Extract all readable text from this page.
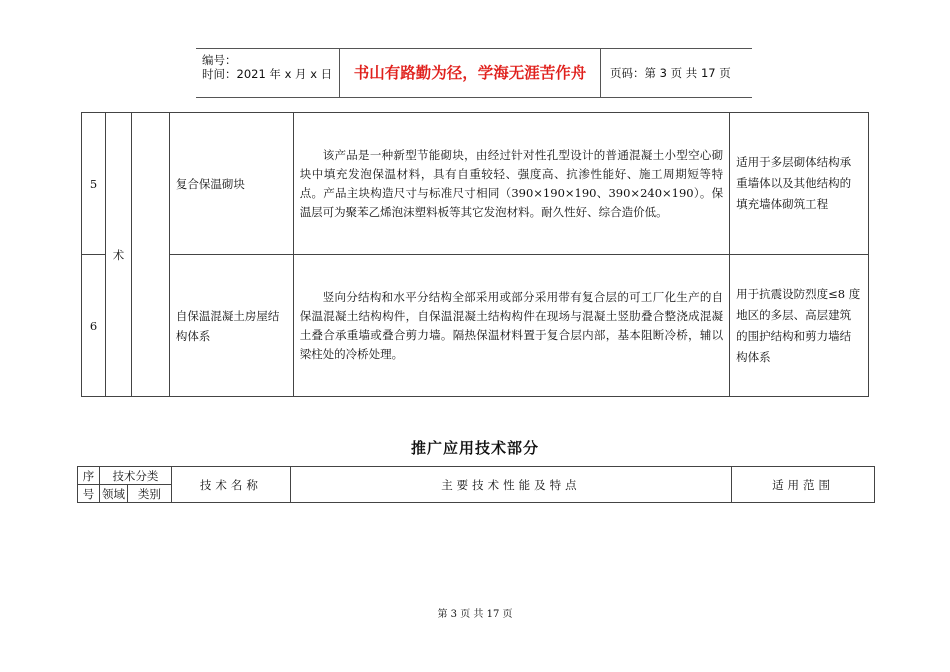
编号：
时间：2021 年 x 月 x 日	书山有路勤为径，学海无涯苦作舟	页码：第 3 页 共 17 页
5	术		复合保温砌块	该产品是一种新型节能砌块，由经过针对性孔型设计的普通混凝土小型空心砌块中填充发泡保温材料，具有自重较轻、强度高、抗渗性能好、施工周期短等特点。产品主块构造尺寸与标准尺寸相同（390×190×190、390×240×190）。保温层可为聚苯乙烯泡沫塑料板等其它发泡材料。耐久性好、综合造价低。	适用于多层砌体结构承重墙体以及其他结构的填充墙体砌筑工程
6			自保温混凝土房屋结构体系	竖向分结构和水平分结构全部采用或部分采用带有复合层的可工厂化生产的自保温混凝土结构构件，自保温混凝土结构构件在现场与混凝土竖肋叠合整浇成混凝土叠合承重墙或叠合剪力墙。隔热保温材料置于复合层内部，基本阻断冷桥，辅以梁柱处的冷桥处理。	用于抗震设防烈度≤8 度地区的多层、高层建筑的围护结构和剪力墙结构体系
推广应用技术部分
序	技术分类		技术名称	主要技术性能及特点	适用范围
号	领域	类别			
第 3 页 共 17 页
